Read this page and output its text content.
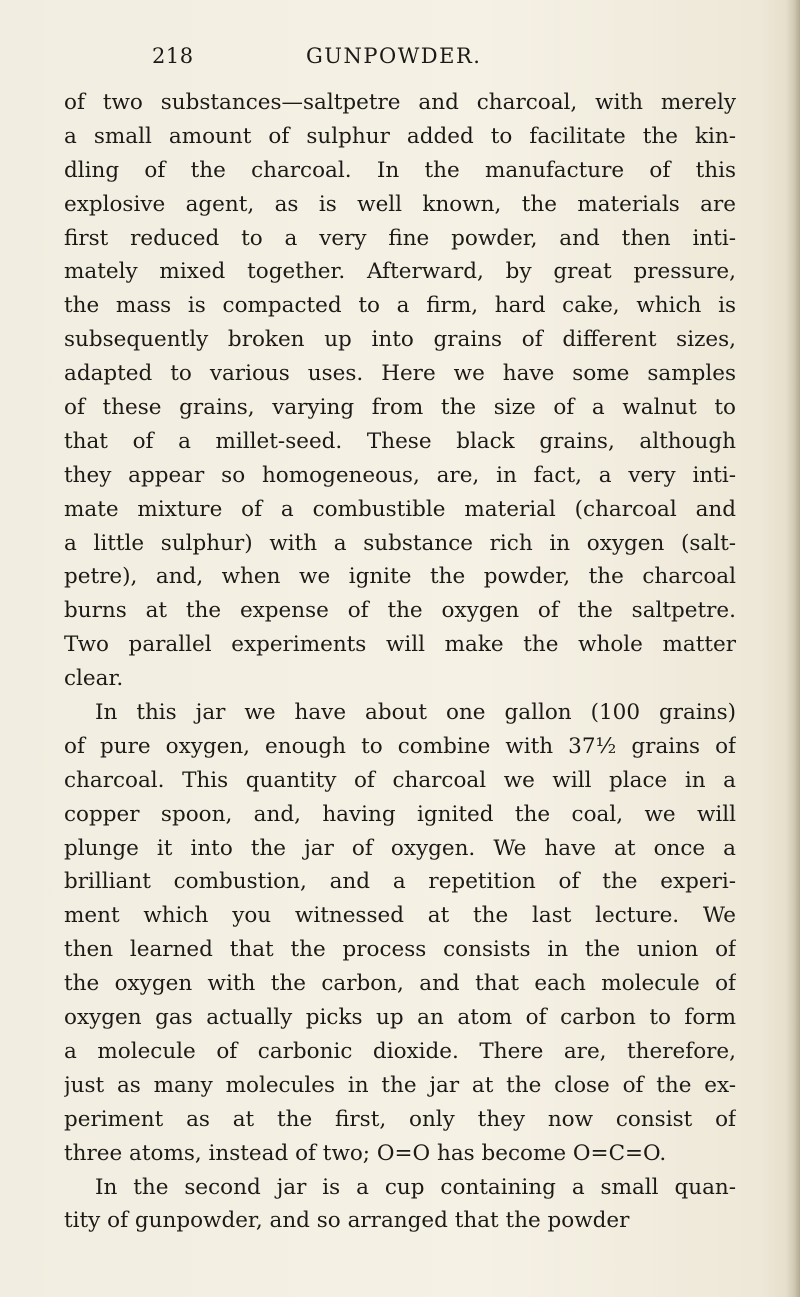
218	GUNPOWDER.
of two substances—saltpetre and charcoal, with merely
a small amount of sulphur added to facilitate the kin-
dling of the charcoal. In the manufacture of this
explosive agent, as is well known, the materials are
first reduced to a very fine powder, and then inti-
mately mixed together. Afterward, by great pressure,
the mass is compacted to a firm, hard cake, which is
subsequently broken up into grains of different sizes,
adapted to various uses. Here we have some samples
of these grains, varying from the size of a walnut to
that of a millet-seed. These black grains, although
they appear so homogeneous, are, in fact, a very inti-
mate mixture of a combustible material (charcoal and
a little sulphur) with a substance rich in oxygen (salt-
petre), and, when we ignite the powder, the charcoal
burns at the expense of the oxygen of the saltpetre.
Two parallel experiments will make the whole matter
clear.
In this jar we have about one gallon (100 grains)
of pure oxygen, enough to combine with 37½ grains of
charcoal. This quantity of charcoal we will place in a
copper spoon, and, having ignited the coal, we will
plunge it into the jar of oxygen. We have at once a
brilliant combustion, and a repetition of the experi-
ment which you witnessed at the last lecture. We
then learned that the process consists in the union of
the oxygen with the carbon, and that each molecule of
oxygen gas actually picks up an atom of carbon to form
a molecule of carbonic dioxide. There are, therefore,
just as many molecules in the jar at the close of the ex-
periment as at the first, only they now consist of
three atoms, instead of two; O=O has become O=C=O.
In the second jar is a cup containing a small quan-
tity of gunpowder, and so arranged that the powder
